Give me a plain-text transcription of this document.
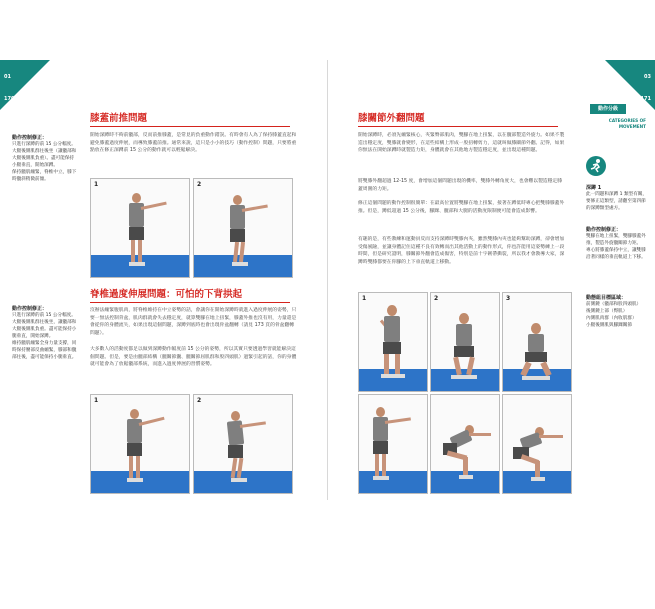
01
170
膝蓋前推問題
動作控制修正：
只進行深蹲的前 15 公分幅度。
大腿後側肌群往後坐（讓髖部和大腿後側肌負重）。盡可能保持小腿垂直，開始深蹲。
保持髖肌繃緊，脊椎中立，膝下時髖斜稍微前傾。
開始深蹲時不夠前髖部，反而前推膝蓋，是常見的負重動作錯誤。有時會有人為了保持膝蓋直起和避免膝蓋過度伸展，而導致膝蓋前推。通常來說，這只是小小的技巧（動作控制）問題，只要將重點放在修正深蹲前 15 公分的動作就可以輕鬆解決。
1	2
脊椎過度伸展問題：可怕的下背拱起
動作控制修正：
只進行深蹲的前 15 公分幅度。
大腿後側肌群往後坐，讓髖部和大腿後側肌負重。盡可能保持小腿垂直，開始深蹲。
維持髖肌繃緊全身力量支撐，同時保持腰部反曲繃緊，膝部和髖部往後，盡可能保持小腿垂直。
沒辦法繃緊腹肌肉，將脊椎維持在中立姿勢的話，會讓你在開始深蹲時就進入過度伸展的姿勢，只要一無法控制背盆，肌肉群就會失去穩定度，就算雙腳在地上扭緊，膝蓋外推也沒有用，力量還是會從你的身體流失，如果出現這個問題，深蹲到底時也會出現骨盆翻轉（請見 173 頁的骨盆翻轉問題）。
大多數人的活動度都足以做到深蹲動作幅度前 15 公分的姿勢，所以其實只要透過學習就能解決這個問題。但是，要是由髖部結構（髖關節囊、髖關節屈肌群和股四頭肌）過緊引起的話，你的身體就可能會為了放鬆髖部系統，而進入過度伸展的習慣姿勢。
1	2
03
171
動作分級
CATEGORIES OF MOVEMENT
膝關節外翻問題
開始深蹲時，必須先繃緊核心，夾緊臀部肌肉，雙腳在地上扭緊，以在髖部製造外旋力。如果不製造出穩定度，雙膝就會變形，在這些結構上形成一股扭轉剪力，這就叫做膝關節外翻。記得，如果你無法在開始深蹲時就製造力矩，身體就會在其他地方製造穩定度，並出現這種問題。
將雙膝外翻超過 12-15 度，會增加這個問題出現的機率，雙膝外轉角度大，也會難以製造穩定膝蓋周圍的力矩。
修正這個問題的動作控制很簡單：在最高位置將雙腳在地上扭緊，接著在蹲低時專心把雙膝膝蓋外推。但是，蹲低超過 15 公分後，腳踝、髖部和大腿的活動度限制便可能會造成影響。
有趣的是，有些教練和運動員反而支持深蹲時雙膝內夾，雖然雙膝內夾也能夠幫助深蹲，卻會增加受傷風險，並讓身體記住這種不良有效轉而出其他活動上的動作形式，你也許能用這姿勢練上一段時間，但是研究證明，膝關節外翻會造成傷害，特別是前十字韌帶撕裂，所以我才會教導大家，深蹲時雙膝都要在你腳的上下垂直軌道上移動。
1	2	3
深蹲 1
此一問題和深蹲 1 類型有關，要修正這類型，請翻至第四節的深蹲類型處方。
動作控制修正：
雙腳在地上扭緊，雙腳膝蓋外推，製造外旋髖關節力矩。
專心將膝蓋保持中立，讓雙膝沿著同樣的垂直軌道上下移。
動態組目標區域：
前側鏈（髖部和股四頭肌）
後側鏈上部（臀肌）
內側肌肉群（內收肌群）
小腿後側肌與腳踝關節
